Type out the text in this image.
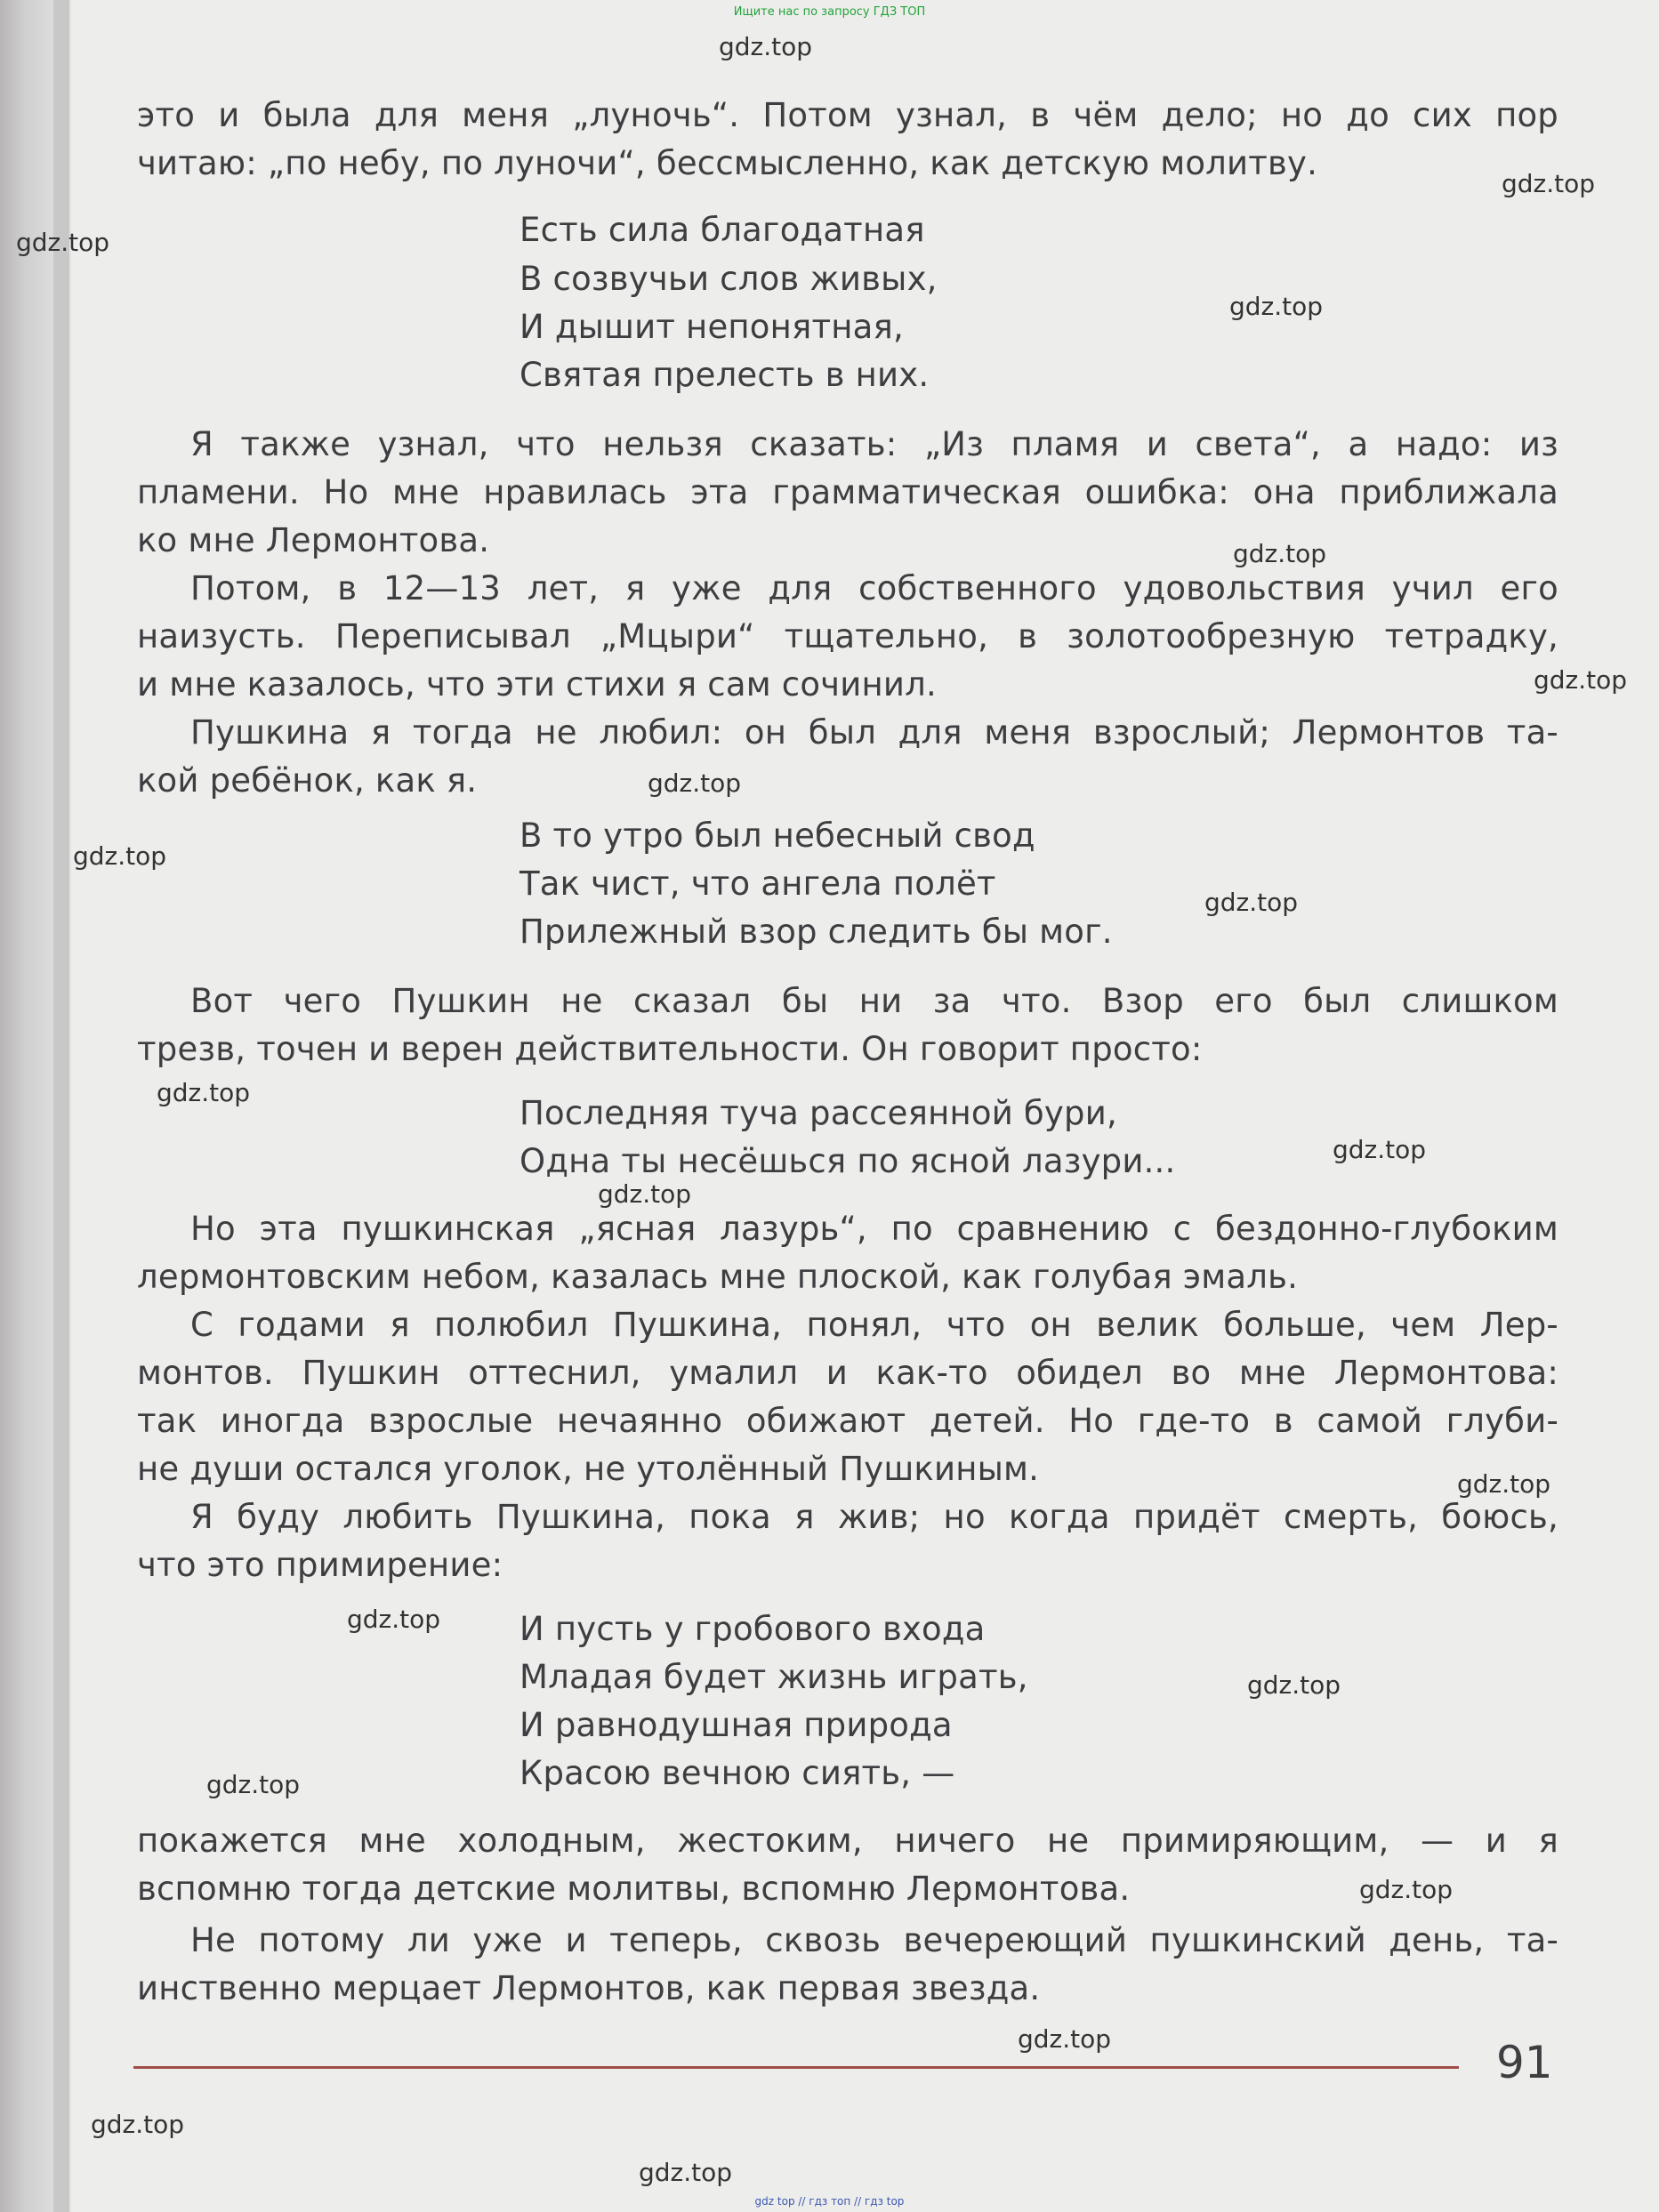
Ищите нас по запросу ГДЗ ТОП
gdz.top
это и была для меня „луночь“. Потом узнал, в чём дело; но до сих пор
читаю: „по небу, по луночи“, бессмысленно, как детскую молитву.
Есть сила благодатная
В созвучьи слов живых,
И дышит непонятная,
Святая прелесть в них.
Я также узнал, что нельзя сказать: „Из пламя и света“, а надо: из
пламени. Но мне нравилась эта грамматическая ошибка: она приближала
ко мне Лермонтова.
Потом, в 12—13 лет, я уже для собственного удовольствия учил его
наизусть. Переписывал „Мцыри“ тщательно, в золотообрезную тетрадку,
и мне казалось, что эти стихи я сам сочинил.
Пушкина я тогда не любил: он был для меня взрослый; Лермонтов та-
кой ребёнок, как я.
В то утро был небесный свод
Так чист, что ангела полёт
Прилежный взор следить бы мог.
Вот чего Пушкин не сказал бы ни за что. Взор его был слишком
трезв, точен и верен действительности. Он говорит просто:
Последняя туча рассеянной бури,
Одна ты несёшься по ясной лазури...
Но эта пушкинская „ясная лазурь“, по сравнению с бездонно-глубоким
лермонтовским небом, казалась мне плоской, как голубая эмаль.
С годами я полюбил Пушкина, понял, что он велик больше, чем Лер-
монтов. Пушкин оттеснил, умалил и как-то обидел во мне Лермонтова:
так иногда взрослые нечаянно обижают детей. Но где-то в самой глуби-
не души остался уголок, не утолённый Пушкиным.
Я буду любить Пушкина, пока я жив; но когда придёт смерть, боюсь,
что это примирение:
И пусть у гробового входа
Младая будет жизнь играть,
И равнодушная природа
Красою вечною сиять, —
покажется мне холодным, жестоким, ничего не примиряющим, — и я
вспомню тогда детские молитвы, вспомню Лермонтова.
Не потому ли уже и теперь, сквозь вечереющий пушкинский день, та-
инственно мерцает Лермонтов, как первая звезда.
gdz.top
gdz.top
gdz.top
gdz.top
gdz.top
gdz.top
gdz.top
gdz.top
gdz.top
gdz.top
gdz.top
gdz.top
gdz.top
gdz.top
gdz.top
gdz.top
gdz.top
gdz.top
gdz.top
91
gdz top // гдз топ // гдз top
